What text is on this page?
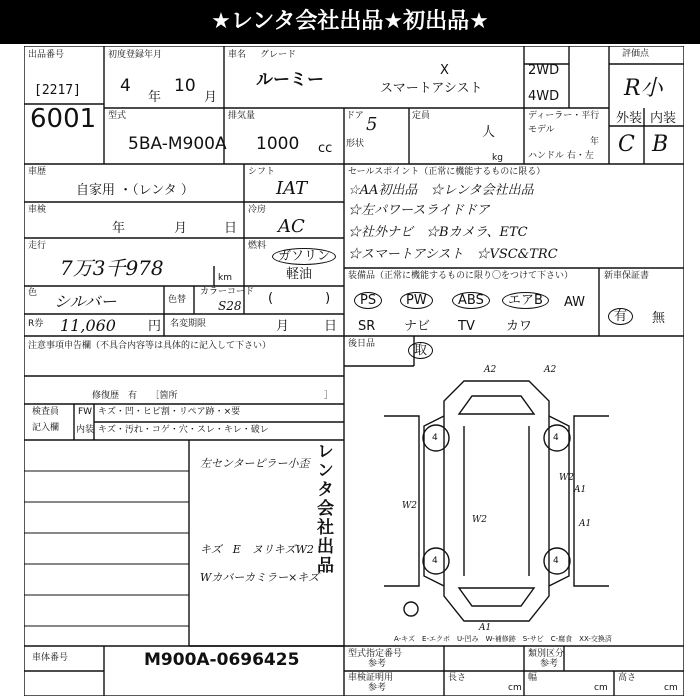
★レンタ会社出品★初出品★
出品番号
[2217]
6001
初度登録年月
4
年
10
月
車名 グレード
ルーミー	X
スマートアシスト
2WD
4WD
評価点
R小
型式
5BA-M900A
排気量
1000 cc
ドア 5
形状
定員
人
kg
ディーラー・平行
モデル
年
ハンドル 右・左
外装 内装
C B
車歴
自家用 ・（レンタ ）
シフト
IAT
車検
年	月	日
冷房
AC
走行
7万3千978	km
燃料
ガソリン
軽油
(　　　　)
色 シルバー	色替
カラーコード
S28
R券 11,060 円 名変期限	月	日
セールスポイント（正常に機能するものに限る）
☆AA初出品　☆レンタ会社出品
☆左パワースライドドア
☆社外ナビ　☆Bカメラ、ETC
☆スマートアシスト　☆VSC&TRC
装備品（正常に機能するものに限り〇をつけて下さい）
PS	PW	ABS	エアB	AW
SR ナビ TV カワ
新車保証書
有	無
注意事項申告欄（不具合内容等は具体的に記入して下さい）
修復歴　有　　［箇所	］
検査員
記入欄
FW キズ・凹・ヒビ割・リペア跡・×要
内装 キズ・汚れ・コゲ・穴・スレ・キレ・破レ
左センターピラー小歪
キズ　E　ヌリキズW2
Wカバーカミラー×キズ
レンタ会社出品
後日品	取
A2	A2
W2
A1
W2
W2	A1
A1
4	4
4	4
A-キズ　E-エクボ　U-凹み　W-補修跡　S-サビ　C-腐食　XX-交換済
車体番号	M900A-0696425	型式指定番号
参考
類別区分
参考
車検証明用
参考
長さ
cm
幅
cm
高さ
cm
